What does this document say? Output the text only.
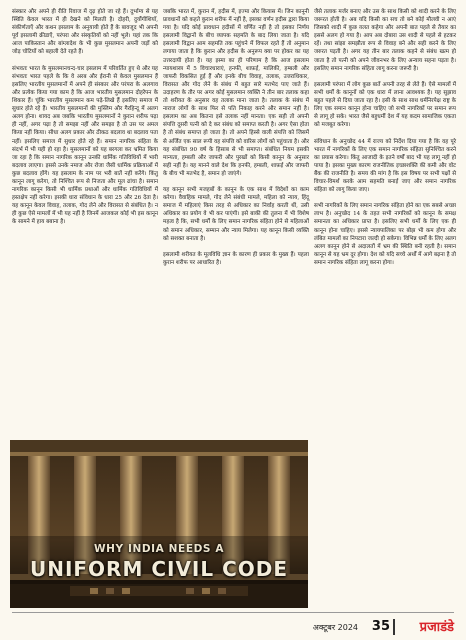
संस्कार और अपने ही रीति रिवाज में दृढ़ होते जा रहे हैं। दुर्भाग्य से यह स्थिति केवल भारत में ही देखने को मिलती है। दोहरी, दुर्योगीशियाँ, संकीर्णताएँ और कथन इसलाम के अनुयायी होते हैं के बावजूद भी अपनी पूर्व इसलामी क्रीडाएँ, परंपरा और संस्कृतियों को नहीं भूले। यहां तक कि आज पाकिस्तान और बांग्लादेश के भी कुछ मुसलमान अपनी जड़ों को जोड़ चोटियों को बहाली देते रहते हैं।

संभवतः भारत के मुसलमानचन्द-चार इसलाम में परिवर्तित हुए थे और यह संभवतः भारत पहले के कि वे अरब और ईरानी से केवल मुसलमान हैं इसलिए भारतीय मुसलमानों में अपने ही संस्कार और परंपरा के अलगाव और प्रत्येक किया गया काम है कि आज भारतीय मुसलमान दोहरेपन के शिकार हैं। चूंकि भारतीय मुसलमान कम पढ़े-लिखे हैं इसलिए समाज में सुधार होते रहे हैं। भारतीय मुसलमानों की मुस्लिम और गैरहिन्दू में अलग अलग होना। शायद अब जबकि भारतीय मुसलमानों ने कुरान शरीफ पढ़ा ही नहीं, अगर पढ़ा है तो समझा नहीं और समझा है तो उस पर अमल किया नहीं किया। सीधा अलग प्रकार और ठीकठ बदलाव था बदलाव पता नहीं। इसलिए समाज में सुधार होते रहे हैं। समान नागरिक संहिता के संदर्भ में भी यही हो रहा है। मुसलमानों को यह बरगला कर भ्रमित किया जा रहा है कि समान नागरिक कानून उनकी धार्मिक गतिविधियों में भारी बदलाव लाएगा। इससे उनके नमाज और रोजा जैसी धार्मिक प्रक्रियाओं में कुछ बदलाव होंगे। यह इसलाम के नाम पर भरी बातें नहीं करेंगे। किंतु कानून लागू करेगा, तो निश्चित रूप से निजता और मूल ढांचा है। समान नागरिक कानून किसी भी धार्मिक प्रथाओं और धार्मिक गतिविधियों में हस्तक्षेप नहीं करेगा। इसकी धारा संविधान के धारा 25 और 26 देता है। यह कानून केवल विवाह, तलाक, गोद लेने और विरासत से संबंधित है। न ही कुछ ऐसे मामलों में भी यह नहीं है जिनमें आजकल कोई भी इस कानून के सामने में हाय बबाना है।
जबकि भारत में, कुरान में, हदीस में, इज्मा और कियास में। जिन कानूनी प्रावधानों को कहते कुरान शरीफ में नहीं है, इसका वर्णन हदीस द्वारा किया गया है। यदि कोई प्रावधान हदीसों में वर्णित नहीं है तो इसका निर्णय इसलामी विद्वानों के बीच व्यापक सहमति के बाद लिया जाता है। यदि इसलामी विद्वान आम सहमति तक पहुंचने में विफल रहते हैं तो अनुमान लगाया जाता है कि कुरान और हदीस के अनुरूप क्या पर होकर का यह उत्तरदायी होता है। यह इस्मा का ही परिणाम है कि आज इसलाम न्यायशास्त्र में 5 विचारधाराएं, हनफी, शाफ़ई, मालिकी, हम्बली और जाफरी विकसित हुई हैं और इनके बीच विवाह, तलाक, उत्तराधिकार, विरासत और गोद लेने के संबंध में बहुत सारे मतभेद पाए जाते हैं। उदाहरण के तौर पर अगर कोई मुसलमान व्यक्ति ने तीन बार तलाक कहा तो शरीयत के अनुसार वह तलाक माना जाता है। तलाक के संबंध में नाराज लोगों के साथ फिर से पति निकाह करने और समान नहीं है। इसलाम का अब कितना इसे तलाक नहीं मानता। एक सही तो अपनी संपत्ति दूसरी पत्नी को दे कर संबंध को समाप्त करती है। अगर ऐसा होता है तो संबंध समाप्त हो जाता है। तो अपने हिस्से वाली संपत्ति को जिसमें से अर्जित एक साल रूपी वह संपत्ति को वारिस लोगों को पहुंचाता है। और यह संबंधित 90 वर्ष के हिसाब से भी समाप्त। संबंधित नियम इसकी मान्यता, हम्बली और जाफरी और पुरखों को किसी कानून के अनुसार सही नहीं है। यह मानने वाले देश कि हनफी, हम्बली, शाफ़ई और जाफरी के बीच भी मतभेद है, समान हो जाएंगे।

यह कानून सभी मजहबों के कानून के एक साथ में विदेशों का काम करेगा। वैवाहिक मामले, गोद लेने संबंधी मामले, महिला को न्याय, हिंदू समाज में महिलाएं किस तरह से अधिकार का निर्वाह करती थीं, उसी अधिकार का प्रयोग वे भी कर पाएंगी। इसे बाकी की तुलना में भी विशेष महत्व है कि, सभी धर्मों के लिए समान नागरिक संहिता होने से महिलाओं को समान अधिकार, सम्मान और न्याय मिलेगा। यह कानून किसी व्यक्ति को सशक्त बनाता है।

इसलामी शरीयत के मूलविधि ज्ञान के कारण ही प्रकार के मुख्य हैं। पहला कुरान शरीफ पर आधारित है।
जैसे तलाक मर्जर बनाए और उस के साथ किसी को शादी करने के लिए जरूरत होती है। अब यदि किसी का सच तो बने कोई मौलवी न आएं जिसको शादी में कुछ ग़लत कहेगा और अपनी बात पहले से तैयार का इससे अलग हो गया है। आप अब दोबारा उस शादी से पहले से हटकर रहें। तथा सांझा समझौता रूप से विवाह बने और सही करने के लिए जरुरत पड़ती है। अगर यह तीन बार तलाक कहने से संबंध खत्म हो जाता है तो पत्नी को अपने जीवनभर के लिए अन्याय सहना पड़ता है। इसलिए समान नागरिक संहिता लागू करना जरूरी है।

इसलामी परंपरा में लोग कुछ बातें अपनी तरह से लेते हैं। ऐसे मामलों में सभी धर्मों के कानूनों को एक धारा में लाना आवश्यक है। यह सुझाव बहुत पहले से दिया जाता रहा है। इसी के साथ साथ धर्मनिरपेक्ष राष्ट्र के लिए एक समान कानून होना चाहिए जो सभी नागरिकों पर समान रूप से लागू हो सके। भारत जैसे बहुधर्मी देश में यह कदम सामाजिक एकता को मजबूत करेगा।

संविधान के अनुच्छेद 44 में राज्य को निर्देश दिया गया है कि वह पूरे भारत में नागरिकों के लिए एक समान नागरिक संहिता सुनिश्चित करने का प्रयास करेगा। किंतु आजादी के इतने वर्षों बाद भी यह लागू नहीं हो पाया है। इसका मुख्य कारण राजनीतिक इच्छाशक्ति की कमी और वोट बैंक की राजनीति है। समय की मांग है कि इस विषय पर सभी पक्षों से विचार-विमर्श करके आम सहमति बनाई जाए और समान नागरिक संहिता को लागू किया जाए।

सभी नागरिकों के लिए समान नागरिक संहिता होने का एक सबसे अच्छा लाभ है। अनुच्छेद 14 के तहत सभी नागरिकों को कानून के समक्ष समानता का अधिकार प्राप्त है। इसलिए सभी धर्मों के लिए एक ही कानून होना चाहिए। इससे न्यायपालिका पर बोझ भी कम होगा और लंबित मामलों का निपटारा जल्दी हो सकेगा। विभिन्न धर्मों के लिए अलग अलग कानून होने से अदालतों में भ्रम की स्थिति बनी रहती है। समान कानून से यह भ्रम दूर होगा। देश को यदि सच्चे अर्थों में आगे बढ़ना है तो समान नागरिक संहिता लागू करना होगा।
WHY INDIA NEEDS A
UNIFORM CIVIL CODE
अक्टूबर 2024 35 प्रजाडंडे
